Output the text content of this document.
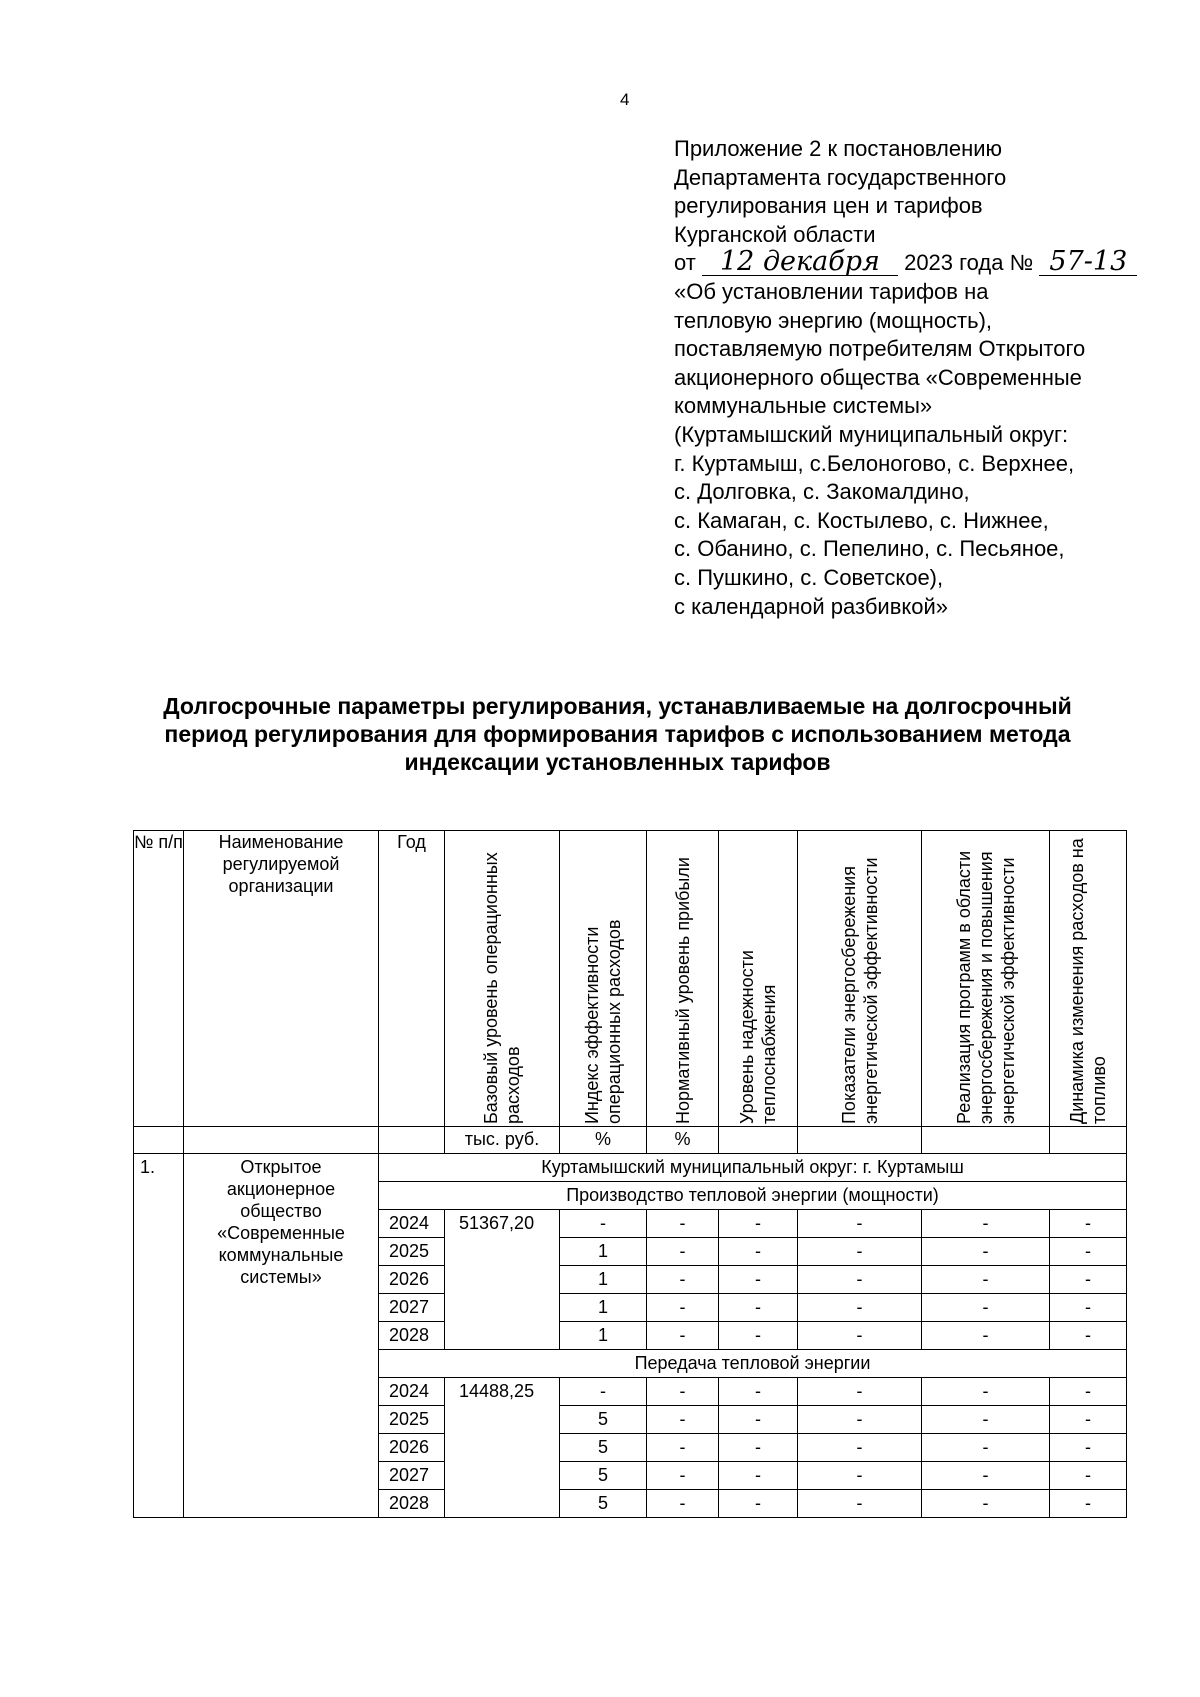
4
Приложение 2 к постановлению
Департамента государственного
регулирования цен и тарифов
Курганской области
от 12 декабря 2023 года № 57-13
«Об установлении тарифов на
тепловую энергию (мощность),
поставляемую потребителям Открытого
акционерного общества «Современные
коммунальные системы»
(Куртамышский муниципальный округ:
г. Куртамыш, с.Белоногово, с. Верхнее,
с. Долговка, с. Закомалдино,
с. Камаган, с. Костылево, с. Нижнее,
с. Обанино, с. Пепелино, с. Песьяное,
с. Пушкино, с. Советское),
с календарной разбивкой»
Долгосрочные параметры регулирования, устанавливаемые на долгосрочный период регулирования для формирования тарифов с использованием метода индексации установленных тарифов
№ п/п	Наименование регулируемой организации	Год	Базовый уровень операционных расходов	Индекс эффективности операционных расходов	Нормативный уровень прибыли	Уровень надежности теплоснабжения	Показатели энергосбережения энергетической эффективности	Реализация программ в области энергосбережения и повышения энергетической эффективности	Динамика изменения расходов на топливо

			тыс. руб.	%	%				
1.	Открытое акционерное общество «Современные коммунальные системы»	Куртамышский муниципальный округ: г. Куртамыш							
		Производство тепловой энергии (мощности)							
		2024	51367,20	-	-	-	-	-	-
		2025		1	-	-	-	-	-
		2026		1	-	-	-	-	-
		2027		1	-	-	-	-	-
		2028		1	-	-	-	-	-
		Передача тепловой энергии							
		2024	14488,25	-	-	-	-	-	-
		2025		5	-	-	-	-	-
		2026		5	-	-	-	-	-
		2027		5	-	-	-	-	-
		2028		5	-	-	-	-	-
